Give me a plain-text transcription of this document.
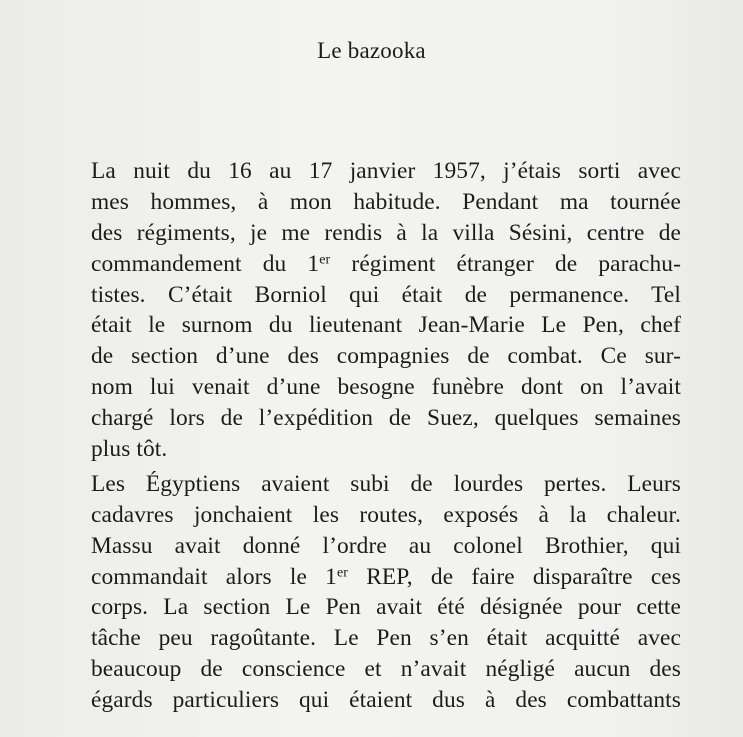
Le bazooka
La nuit du 16 au 17 janvier 1957, j’étais sorti avec
mes hommes, à mon habitude. Pendant ma tournée
des régiments, je me rendis à la villa Sésini, centre de
commandement du 1er régiment étranger de parachu-
tistes. C’était Borniol qui était de permanence. Tel
était le surnom du lieutenant Jean-Marie Le Pen, chef
de section d’une des compagnies de combat. Ce sur-
nom lui venait d’une besogne funèbre dont on l’avait
chargé lors de l’expédition de Suez, quelques semaines
plus tôt.
Les Égyptiens avaient subi de lourdes pertes. Leurs
cadavres jonchaient les routes, exposés à la chaleur.
Massu avait donné l’ordre au colonel Brothier, qui
commandait alors le 1er REP, de faire disparaître ces
corps. La section Le Pen avait été désignée pour cette
tâche peu ragoûtante. Le Pen s’en était acquitté avec
beaucoup de conscience et n’avait négligé aucun des
égards particuliers qui étaient dus à des combattants
